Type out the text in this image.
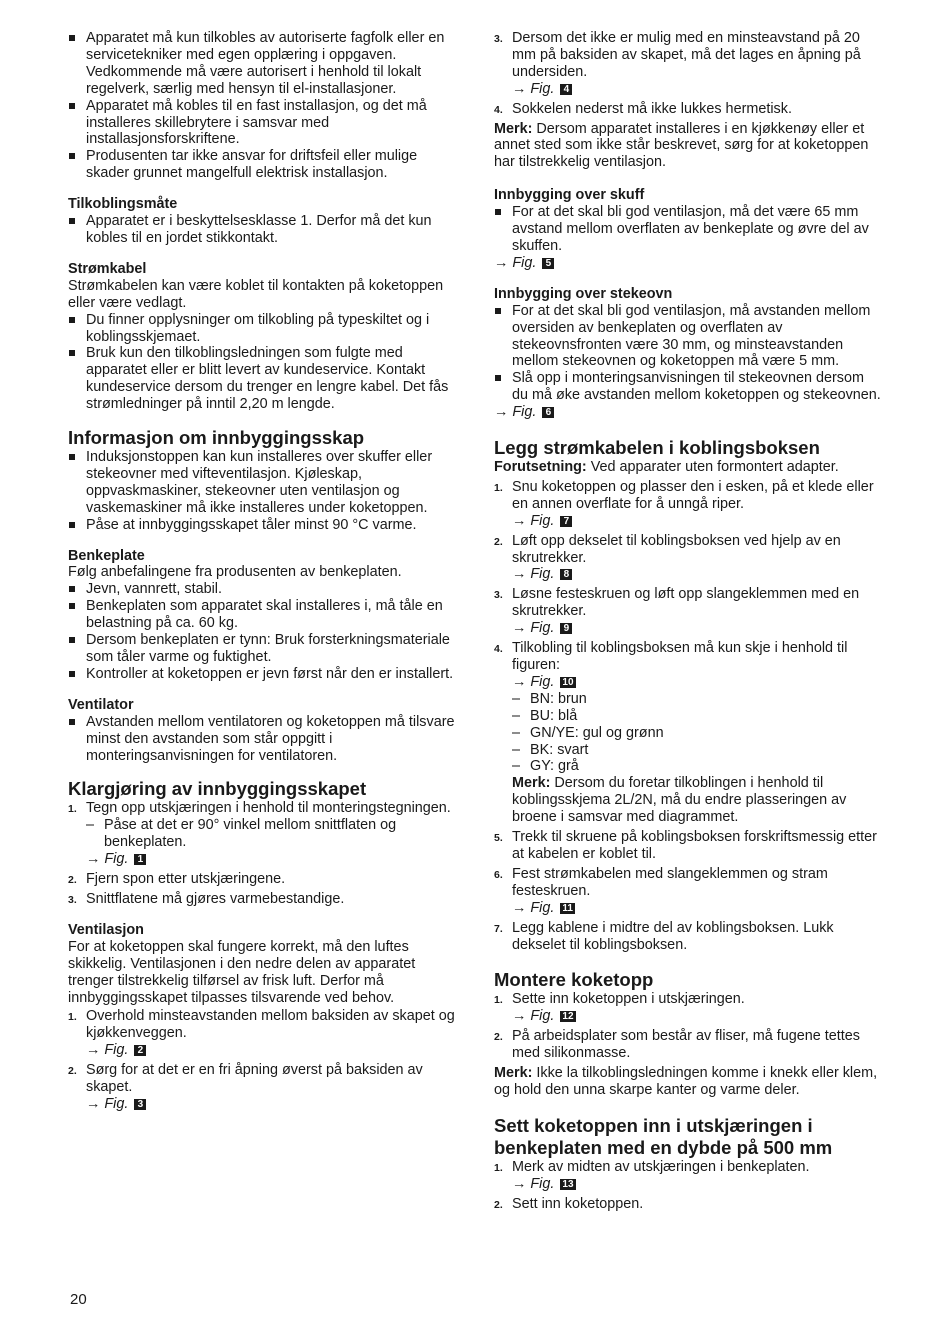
Apparatet må kun tilkobles av autoriserte fagfolk eller en servicetekniker med egen opplæring i oppgaven. Vedkommende må være autorisert i henhold til lokalt regelverk, særlig med hensyn til el-installasjoner.
Apparatet må kobles til en fast installasjon, og det må installeres skillebrytere i samsvar med installasjonsforskriftene.
Produsenten tar ikke ansvar for driftsfeil eller mulige skader grunnet mangelfull elektrisk installasjon.
Tilkoblingsmåte
Apparatet er i beskyttelsesklasse 1. Derfor må det kun kobles til en jordet stikkontakt.
Strømkabel
Strømkabelen kan være koblet til kontakten på koketoppen eller være vedlagt.
Du finner opplysninger om tilkobling på typeskiltet og i koblingsskjemaet.
Bruk kun den tilkoblingsledningen som fulgte med apparatet eller er blitt levert av kundeservice. Kontakt kundeservice dersom du trenger en lengre kabel. Det fås strømledninger på inntil 2,20 m lengde.
Informasjon om innbyggingsskap
Induksjonstoppen kan kun installeres over skuffer eller stekeovner med vifteventilasjon. Kjøleskap, oppvaskmaskiner, stekeovner uten ventilasjon og vaskemaskiner må ikke installeres under koketoppen.
Påse at innbyggingsskapet tåler minst 90 °C varme.
Benkeplate
Følg anbefalingene fra produsenten av benkeplaten.
Jevn, vannrett, stabil.
Benkeplaten som apparatet skal installeres i, må tåle en belastning på ca. 60 kg.
Dersom benkeplaten er tynn: Bruk forsterkningsmateriale som tåler varme og fuktighet.
Kontroller at koketoppen er jevn først når den er installert.
Ventilator
Avstanden mellom ventilatoren og koketoppen må tilsvare minst den avstanden som står oppgitt i monteringsanvisningen for ventilatoren.
Klargjøring av innbyggingsskapet
1. Tegn opp utskjæringen i henhold til monteringstegningen.
– Påse at det er 90° vinkel mellom snittflaten og benkeplaten.
→ Fig. 1
2. Fjern spon etter utskjæringene.
3. Snittflatene må gjøres varmebestandige.
Ventilasjon
For at koketoppen skal fungere korrekt, må den luftes skikkelig. Ventilasjonen i den nedre delen av apparatet trenger tilstrekkelig tilførsel av frisk luft. Derfor må innbyggingsskapet tilpasses tilsvarende ved behov.
1. Overhold minsteavstanden mellom baksiden av skapet og kjøkkenveggen.
→ Fig. 2
2. Sørg for at det er en fri åpning øverst på baksiden av skapet.
→ Fig. 3
3. Dersom det ikke er mulig med en minsteavstand på 20 mm på baksiden av skapet, må det lages en åpning på undersiden.
→ Fig. 4
4. Sokkelen nederst må ikke lukkes hermetisk.
Merk: Dersom apparatet installeres i en kjøkkenøy eller et annet sted som ikke står beskrevet, sørg for at koketoppen har tilstrekkelig ventilasjon.
Innbygging over skuff
For at det skal bli god ventilasjon, må det være 65 mm avstand mellom overflaten av benkeplate og øvre del av skuffen.
→ Fig. 5
Innbygging over stekeovn
For at det skal bli god ventilasjon, må avstanden mellom oversiden av benkeplaten og overflaten av stekeovnsfronten være 30 mm, og minsteavstanden mellom stekeovnen og koketoppen må være 5 mm.
Slå opp i monteringsanvisningen til stekeovnen dersom du må øke avstanden mellom koketoppen og stekeovnen.
→ Fig. 6
Legg strømkabelen i koblingsboksen
Forutsetning: Ved apparater uten formontert adapter.
1. Snu koketoppen og plasser den i esken, på et klede eller en annen overflate for å unngå riper.
→ Fig. 7
2. Løft opp dekselet til koblingsboksen ved hjelp av en skrutrekker.
→ Fig. 8
3. Løsne festeskruen og løft opp slangeklemmen med en skrutrekker.
→ Fig. 9
4. Tilkobling til koblingsboksen må kun skje i henhold til figuren:
→ Fig. 10
– BN: brun
– BU: blå
– GN/YE: gul og grønn
– BK: svart
– GY: grå
Merk: Dersom du foretar tilkoblingen i henhold til koblingsskjema 2L/2N, må du endre plasseringen av broene i samsvar med diagrammet.
5. Trekk til skruene på koblingsboksen forskriftsmessig etter at kabelen er koblet til.
6. Fest strømkabelen med slangeklemmen og stram festeskruen.
→ Fig. 11
7. Legg kablene i midtre del av koblingsboksen. Lukk dekselet til koblingsboksen.
Montere koketopp
1. Sette inn koketoppen i utskjæringen.
→ Fig. 12
2. På arbeidsplater som består av fliser, må fugene tettes med silikonmasse.
Merk: Ikke la tilkoblingsledningen komme i knekk eller klem, og hold den unna skarpe kanter og varme deler.
Sett koketoppen inn i utskjæringen i benkeplaten med en dybde på 500 mm
1. Merk av midten av utskjæringen i benkeplaten.
→ Fig. 13
2. Sett inn koketoppen.
20
